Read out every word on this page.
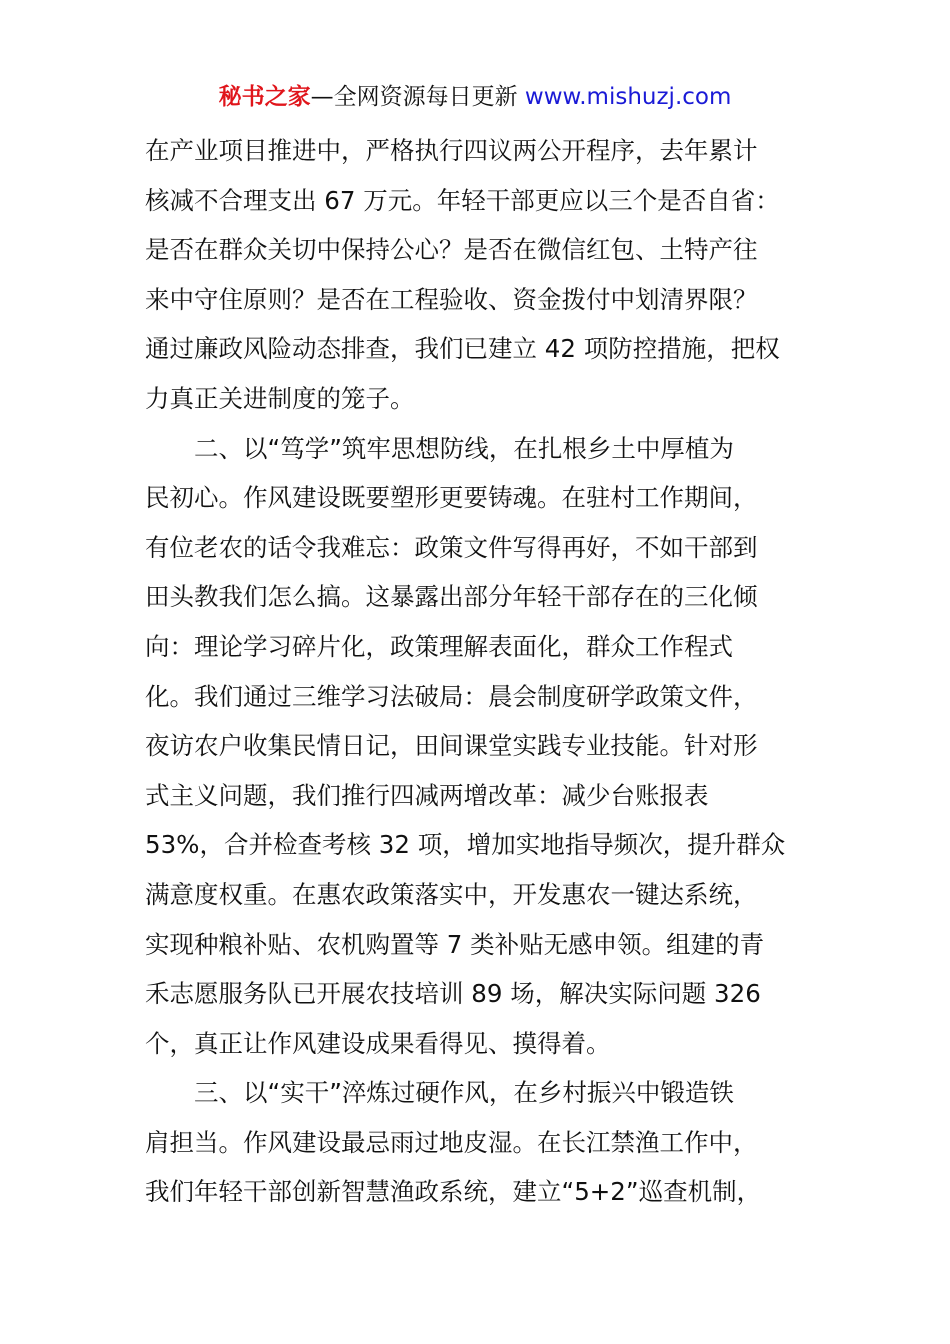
秘书之家—全网资源每日更新 www.mishuzj.com
在产业项目推进中，严格执行四议两公开程序，去年累计
核减不合理支出 67 万元。年轻干部更应以三个是否自省：
是否在群众关切中保持公心？是否在微信红包、土特产往
来中守住原则？是否在工程验收、资金拨付中划清界限？
通过廉政风险动态排查，我们已建立 42 项防控措施，把权
力真正关进制度的笼子。
　　二、以“笃学”筑牢思想防线，在扎根乡土中厚植为
民初心。作风建设既要塑形更要铸魂。在驻村工作期间，
有位老农的话令我难忘：政策文件写得再好，不如干部到
田头教我们怎么搞。这暴露出部分年轻干部存在的三化倾
向：理论学习碎片化，政策理解表面化，群众工作程式
化。我们通过三维学习法破局：晨会制度研学政策文件，
夜访农户收集民情日记，田间课堂实践专业技能。针对形
式主义问题，我们推行四减两增改革：减少台账报表
53%，合并检查考核 32 项，增加实地指导频次，提升群众
满意度权重。在惠农政策落实中，开发惠农一键达系统，
实现种粮补贴、农机购置等 7 类补贴无感申领。组建的青
禾志愿服务队已开展农技培训 89 场，解决实际问题 326
个，真正让作风建设成果看得见、摸得着。
　　三、以“实干”淬炼过硬作风，在乡村振兴中锻造铁
肩担当。作风建设最忌雨过地皮湿。在长江禁渔工作中，
我们年轻干部创新智慧渔政系统，建立“5+2”巡查机制，
